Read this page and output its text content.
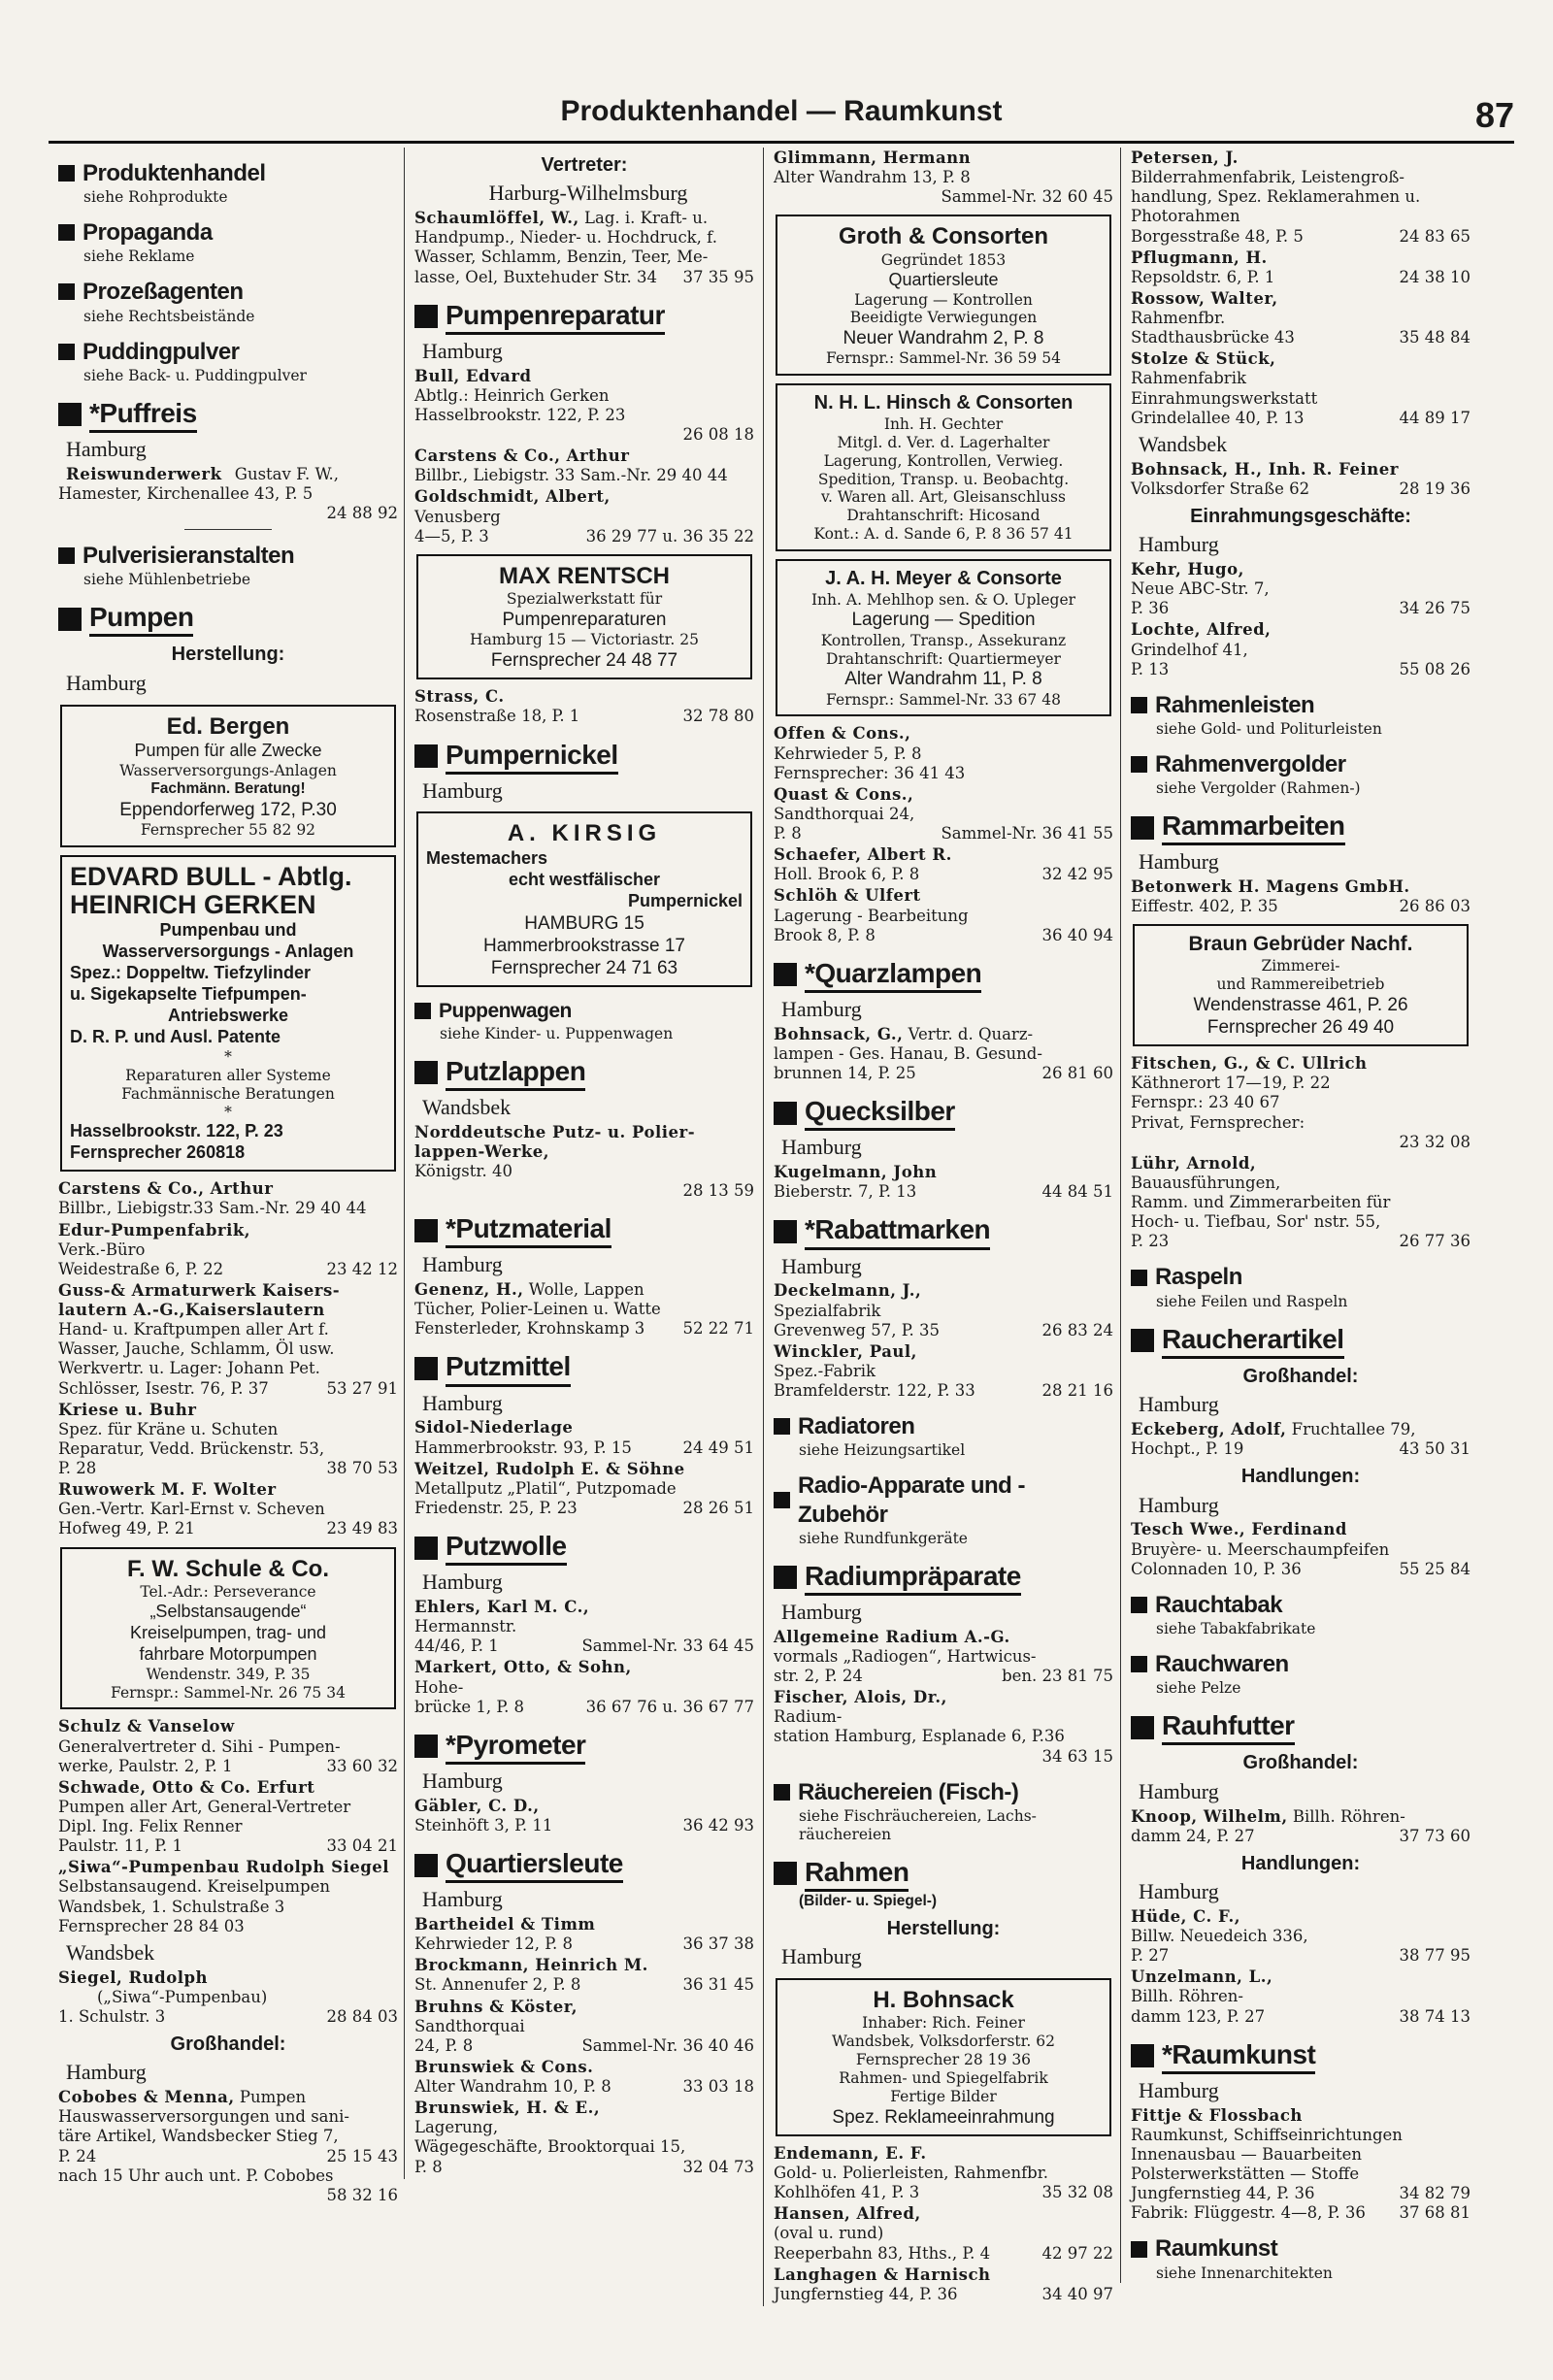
Produktenhandel — Raumkunst	87
Produktenhandel
siehe Rohprodukte
Propaganda
siehe Reklame
Prozeßagenten
siehe Rechtsbeistände
Puddingpulver
siehe Back- u. Puddingpulver
*Puffreis
Hamburg
Reiswunderwerk Gustav F. W.,
Hamester, Kirchenallee 43, P. 5
24 88 92
Pulverisieranstalten
siehe Mühlenbetriebe
Pumpen
Herstellung:
Hamburg
Ed. Bergen
Pumpen für alle Zwecke
Wasserversorgungs-Anlagen
Fachmänn. Beratung!
Eppendorferweg 172, P.30
Fernsprecher 55 82 92
EDVARD BULL - Abtlg.
HEINRICH GERKEN
Pumpenbau und
Wasserversorgungs - Anlagen
Spez.: Doppeltw. Tiefzylinder
u. Sigekapselte Tiefpumpen-
Antriebswerke
D. R. P. und Ausl. Patente
*
Reparaturen aller Systeme
Fachmännische Beratungen
*
Hasselbrookstr. 122, P. 23
Fernsprecher 260818
Carstens & Co., Arthur
Billbr., Liebigstr.33 Sam.-Nr. 29 40 44
Edur-Pumpenfabrik,
Verk.-Büro
Weidestraße 6, P. 22	23 42 12
Guss-& Armaturwerk Kaisers-lautern A.-G.,Kaiserslautern
Hand- u. Kraftpumpen aller Art f.
Wasser, Jauche, Schlamm, Öl usw.
Werkvertr. u. Lager: Johann Pet.
Schlösser, Isestr. 76, P. 37	53 27 91
Kriese u. Buhr
Spez. für Kräne u. Schuten
Reparatur, Vedd. Brückenstr. 53,
P. 28	38 70 53
Ruwowerk M. F. Wolter
Gen.-Vertr. Karl-Ernst v. Scheven
Hofweg 49, P. 21	23 49 83
F. W. Schule & Co.
Tel.-Adr.: Perseverance
„Selbstansaugende“
Kreiselpumpen, trag- und
fahrbare Motorpumpen
Wendenstr. 349, P. 35
Fernspr.: Sammel-Nr. 26 75 34
Schulz & Vanselow
Generalvertreter d. Sihi - Pumpen-
werke, Paulstr. 2, P. 1	33 60 32
Schwade, Otto & Co. Erfurt
Pumpen aller Art, General-Vertreter
Dipl. Ing. Felix Renner
Paulstr. 11, P. 1	33 04 21
„Siwa“-Pumpenbau Rudolph Siegel
Selbstansaugend. Kreiselpumpen
Wandsbek, 1. Schulstraße 3
Fernsprecher 28 84 03
Wandsbek
Siegel, Rudolph
(„Siwa“-Pumpenbau)
1. Schulstr. 3	28 84 03
Großhandel:
Hamburg
Cobobes & Menna, Pumpen
Hauswasserversorgungen und sani-
täre Artikel, Wandsbecker Stieg 7,
P. 24	25 15 43
nach 15 Uhr auch unt. P. Cobobes
58 32 16
Vertreter:
Harburg-Wilhelmsburg
Schaumlöffel, W., Lag. i. Kraft- u.
Handpump., Nieder- u. Hochdruck, f.
Wasser, Schlamm, Benzin, Teer, Me-
lasse, Oel, Buxtehuder Str. 34	37 35 95
Pumpenreparatur
Hamburg
Bull, Edvard
Abtlg.: Heinrich Gerken
Hasselbrookstr. 122, P. 23
26 08 18
Carstens & Co., Arthur
Billbr., Liebigstr. 33 Sam.-Nr. 29 40 44
Goldschmidt, Albert,
Venusberg
4—5, P. 3	36 29 77 u. 36 35 22
MAX RENTSCH
Spezialwerkstatt für
Pumpenreparaturen
Hamburg 15 — Victoriastr. 25
Fernsprecher 24 48 77
Strass, C.
Rosenstraße 18, P. 1	32 78 80
Pumpernickel
Hamburg
A. KIRSIG
Mestemachers
echt westfälischer
Pumpernickel
HAMBURG 15
Hammerbrookstrasse 17
Fernsprecher 24 71 63
Puppenwagen
siehe Kinder- u. Puppenwagen
Putzlappen
Wandsbek
Norddeutsche Putz- u. Polier-lappen-Werke,
Königstr. 40
28 13 59
*Putzmaterial
Hamburg
Genenz, H., Wolle, Lappen
Tücher, Polier-Leinen u. Watte
Fensterleder, Krohnskamp 3	52 22 71
Putzmittel
Hamburg
Sidol-Niederlage
Hammerbrookstr. 93, P. 15	24 49 51
Weitzel, Rudolph E. & Söhne
Metallputz „Platil“, Putzpomade
Friedenstr. 25, P. 23	28 26 51
Putzwolle
Hamburg
Ehlers, Karl M. C.,
Hermannstr.
44/46, P. 1	Sammel-Nr. 33 64 45
Markert, Otto, & Sohn,
Hohe-
brücke 1, P. 8	36 67 76 u. 36 67 77
*Pyrometer
Hamburg
Gäbler, C. D.,
Steinhöft 3, P. 11	36 42 93
Quartiersleute
Hamburg
Bartheidel & Timm
Kehrwieder 12, P. 8	36 37 38
Brockmann, Heinrich M.
St. Annenufer 2, P. 8	36 31 45
Bruhns & Köster,
Sandthorquai
24, P. 8	Sammel-Nr. 36 40 46
Brunswiek & Cons.
Alter Wandrahm 10, P. 8	33 03 18
Brunswiek, H. & E.,
Lagerung,
Wägegeschäfte, Brooktorquai 15,
P. 8	32 04 73
Glimmann, Hermann
Alter Wandrahm 13, P. 8
Sammel-Nr. 32 60 45
Groth & Consorten
Gegründet 1853
Quartiersleute
Lagerung — Kontrollen
Beeidigte Verwiegungen
Neuer Wandrahm 2, P. 8
Fernspr.: Sammel-Nr. 36 59 54
N. H. L. Hinsch & Consorten
Inh. H. Gechter
Mitgl. d. Ver. d. Lagerhalter
Lagerung, Kontrollen, Verwieg.
Spedition, Transp. u. Beobachtg.
v. Waren all. Art, Gleisanschluss
Drahtanschrift: Hicosand
Kont.: A. d. Sande 6, P. 8 36 57 41
J. A. H. Meyer & Consorte
Inh. A. Mehlhop sen. & O. Upleger
Lagerung — Spedition
Kontrollen, Transp., Assekuranz
Drahtanschrift: Quartiermeyer
Alter Wandrahm 11, P. 8
Fernspr.: Sammel-Nr. 33 67 48
Offen & Cons.,
Kehrwieder 5, P. 8
Fernsprecher: 36 41 43
Quast & Cons.,
Sandthorquai 24,
P. 8	Sammel-Nr. 36 41 55
Schaefer, Albert R.
Holl. Brook 6, P. 8	32 42 95
Schlöh & Ulfert
Lagerung - Bearbeitung
Brook 8, P. 8	36 40 94
*Quarzlampen
Hamburg
Bohnsack, G., Vertr. d. Quarz-
lampen - Ges. Hanau, B. Gesund-
brunnen 14, P. 25	26 81 60
Quecksilber
Hamburg
Kugelmann, John
Bieberstr. 7, P. 13	44 84 51
*Rabattmarken
Hamburg
Deckelmann, J.,
Spezialfabrik
Grevenweg 57, P. 35	26 83 24
Winckler, Paul,
Spez.-Fabrik
Bramfelderstr. 122, P. 33	28 21 16
Radiatoren
siehe Heizungsartikel
Radio-Apparate und -Zubehör
siehe Rundfunkgeräte
Radiumpräparate
Hamburg
Allgemeine Radium A.-G.
vormals „Radiogen“, Hartwicus-
str. 2, P. 24	ben. 23 81 75
Fischer, Alois, Dr.,
Radium-
station Hamburg, Esplanade 6, P.36
34 63 15
Räuchereien (Fisch-)
siehe Fischräuchereien, Lachs-räuchereien
Rahmen
(Bilder- u. Spiegel-)
Herstellung:
Hamburg
H. Bohnsack
Inhaber: Rich. Feiner
Wandsbek, Volksdorferstr. 62
Fernsprecher 28 19 36
Rahmen- und Spiegelfabrik
Fertige Bilder
Spez. Reklameeinrahmung
Endemann, E. F.
Gold- u. Polierleisten, Rahmenfbr.
Kohlhöfen 41, P. 3	35 32 08
Hansen, Alfred,
(oval u. rund)
Reeperbahn 83, Hths., P. 4	42 97 22
Langhagen & Harnisch
Jungfernstieg 44, P. 36	34 40 97
Petersen, J.
Bilderrahmenfabrik, Leistengroß-
handlung, Spez. Reklamerahmen u.
Photorahmen
Borgesstraße 48, P. 5	24 83 65
Pflugmann, H.
Repsoldstr. 6, P. 1	24 38 10
Rossow, Walter,
Rahmenfbr.
Stadthausbrücke 43	35 48 84
Stolze & Stück,
Rahmenfabrik
Einrahmungswerkstatt
Grindelallee 40, P. 13	44 89 17
Wandsbek
Bohnsack, H., Inh. R. Feiner
Volksdorfer Straße 62	28 19 36
Einrahmungsgeschäfte:
Hamburg
Kehr, Hugo,
Neue ABC-Str. 7,
P. 36	34 26 75
Lochte, Alfred,
Grindelhof 41,
P. 13	55 08 26
Rahmenleisten
siehe Gold- und Politurleisten
Rahmenvergolder
siehe Vergolder (Rahmen-)
Rammarbeiten
Hamburg
Betonwerk H. Magens GmbH.
Eiffestr. 402, P. 35	26 86 03
Braun Gebrüder Nachf.
Zimmerei-
und Rammereibetrieb
Wendenstrasse 461, P. 26
Fernsprecher 26 49 40
Fitschen, G., & C. Ullrich
Käthnerort 17—19, P. 22
Fernspr.: 23 40 67
Privat, Fernsprecher:
23 32 08
Lühr, Arnold,
Bauausführungen,
Ramm. und Zimmerarbeiten für
Hoch- u. Tiefbau, Sor' nstr. 55,
P. 23	26 77 36
Raspeln
siehe Feilen und Raspeln
Raucherartikel
Großhandel:
Hamburg
Eckeberg, Adolf, Fruchtallee 79,
Hochpt., P. 19	43 50 31
Handlungen:
Hamburg
Tesch Wwe., Ferdinand
Bruyère- u. Meerschaumpfeifen
Colonnaden 10, P. 36	55 25 84
Rauchtabak
siehe Tabakfabrikate
Rauchwaren
siehe Pelze
Rauhfutter
Großhandel:
Hamburg
Knoop, Wilhelm, Billh. Röhren-
damm 24, P. 27	37 73 60
Handlungen:
Hamburg
Hüde, C. F.,
Billw. Neuedeich 336,
P. 27	38 77 95
Unzelmann, L.,
Billh. Röhren-
damm 123, P. 27	38 74 13
*Raumkunst
Hamburg
Fittje & Flossbach
Raumkunst, Schiffseinrichtungen
Innenausbau — Bauarbeiten
Polsterwerkstätten — Stoffe
Jungfernstieg 44, P. 36	34 82 79
Fabrik: Flüggestr. 4—8, P. 36	37 68 81
Raumkunst
siehe Innenarchitekten
